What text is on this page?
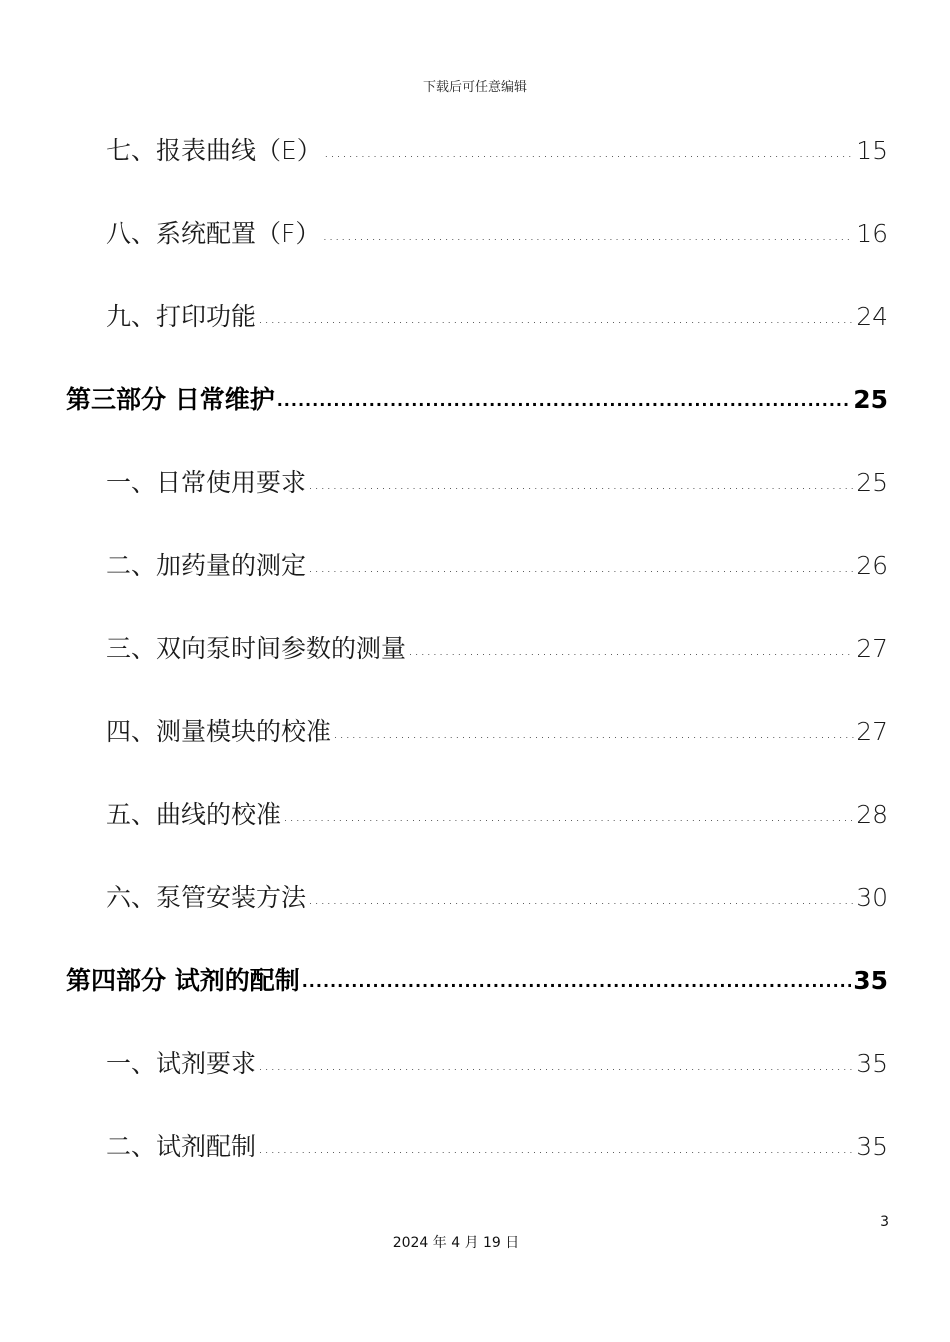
下载后可任意编辑
七、报表曲线（E） .....	15
八、系统配置（F） .....	16
九、打印功能 .....	24
第三部分 日常维护 .....	25
一、日常使用要求 .....	25
二、加药量的测定 .....	26
三、双向泵时间参数的测量 .....	27
四、测量模块的校准 .....	27
五、曲线的校准 .....	28
六、泵管安装方法 .....	30
第四部分 试剂的配制 .....	35
一、试剂要求 .....	35
二、试剂配制 .....	35
3
2024 年 4 月 19 日
